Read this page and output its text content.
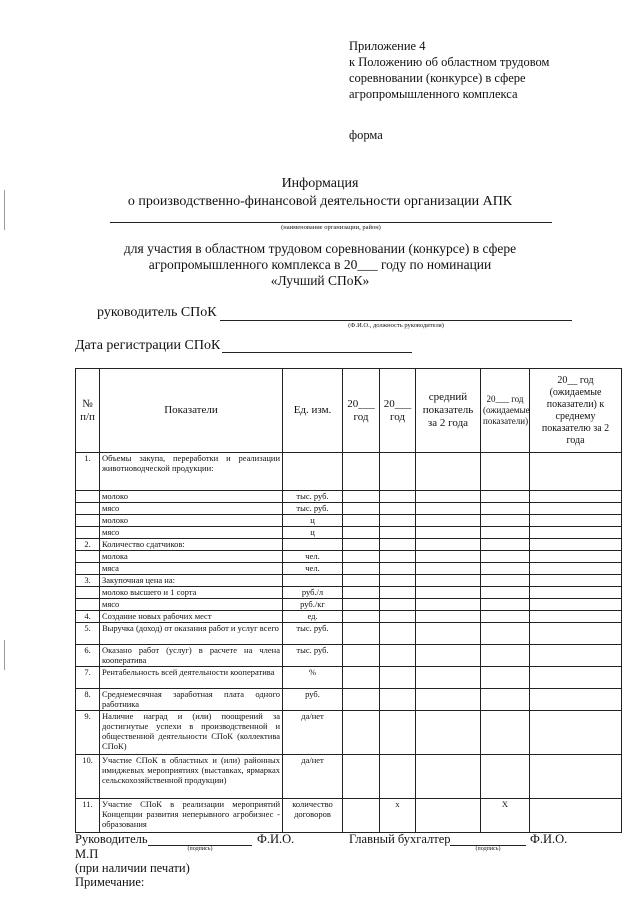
Приложение 4
к Положению об областном трудовом
соревновании (конкурсе) в сфере
агропромышленного комплекса
форма
Информация
о производственно-финансовой деятельности организации АПК
(наименование организации, район)
для участия в областном трудовом соревновании (конкурсе) в сфере
агропромышленного комплекса в 20___ году по номинации
«Лучший СПоК»
руководитель СПоК
(Ф.И.О., должность руководителя)
Дата регистрации СПоК
№ п/п	Показатели	Ед. изм.	20___ год	20___ год	средний показатель за 2 года	20___ год (ожидаемые показатели)	20__ год (ожидаемые показатели) к среднему показателю за 2 года
1.	Объемы закупа, переработки и реализации животноводческой продукции:						
	молоко	тыс. руб.					
	мясо	тыс. руб.					
	молоко	ц					
	мясо	ц					
2.	Количество сдатчиков:						
	молока	чел.					
	мяса	чел.					
3.	Закупочная цена на:						
	молоко высшего и 1 сорта	руб./л					
	мясо	руб./кг					
4.	Создание новых рабочих мест	ед.					
5.	Выручка (доход) от оказания работ и услуг всего	тыс. руб.					
6.	Оказано работ (услуг) в расчете на члена кооператива	тыс. руб.					
7.	Рентабельность всей деятельности кооператива	%					
8.	Среднемесячная заработная плата одного работника	руб.					
9.	Наличие наград и (или) поощрений за достигнутые успехи в производственной и общественной деятельности СПоК (коллектива СПоК)	да/нет					
10.	Участие СПоК в областных и (или) районных имиджевых мероприятиях (выставках, ярмарках сельскохозяйственной продукции)	да/нет					
11.	Участие СПоК в реализации мероприятий Концепции развития неперывного агробизнес - образования	количество договоров		х		Х	
Руководитель
(подпись)
Ф.И.О.	Главный бухгалтер
(подпись)
Ф.И.О.
М.П
(при наличии печати)
Примечание:
